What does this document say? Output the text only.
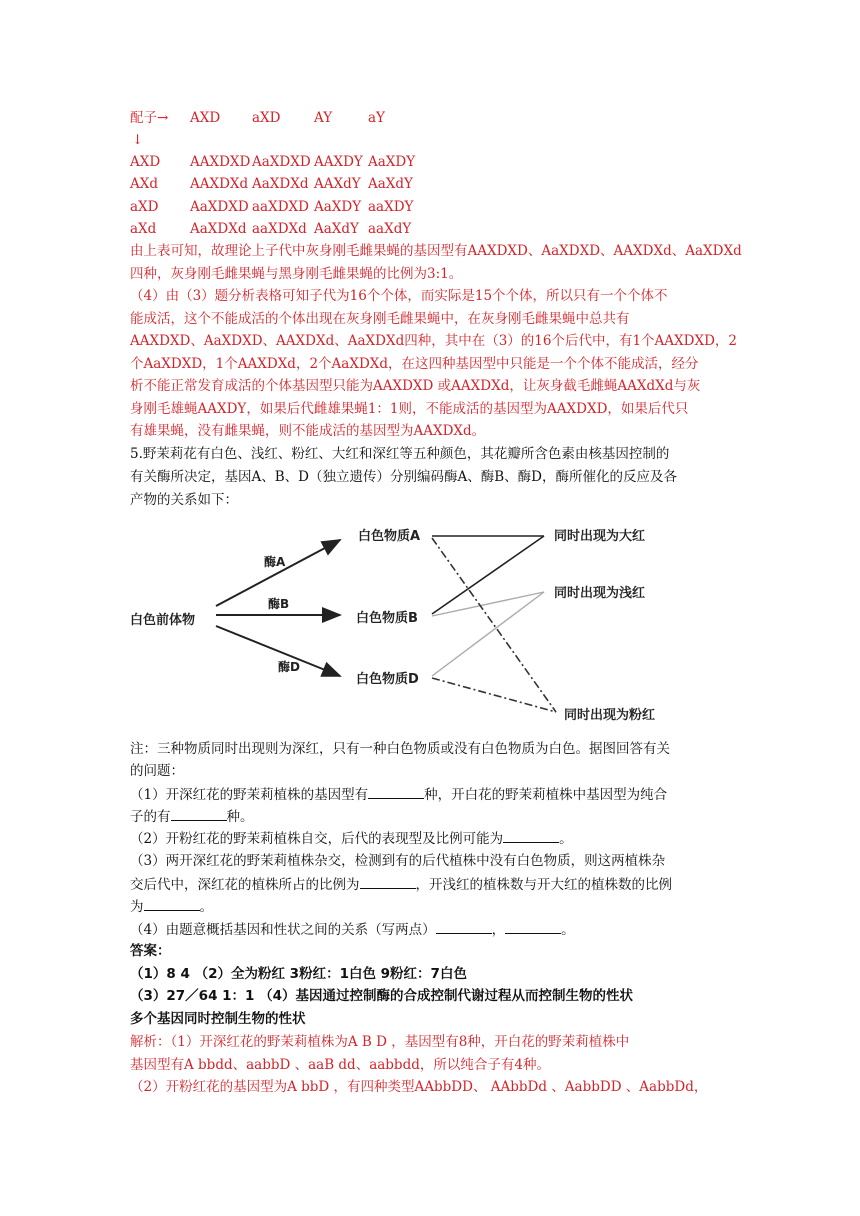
配子→ AXD aXD AY	aY
↓
AXD AAXDXD AaXDXD AAXDY AaXDY
AXd AAXDXd AaXDXd AAXdY AaXdY
aXD AaXDXD aaXDXD AaXDY aaXDY
aXd AaXDXd aaXDXd AaXdY aaXdY
由上表可知，故理论上子代中灰身刚毛雌果蝇的基因型有AAXDXD、AaXDXD、AAXDXd、AaXDXd
四种，灰身刚毛雌果蝇与黑身刚毛雌果蝇的比例为3:1。
（4）由（3）题分析表格可知子代为16个个体，而实际是15个个体，所以只有一个个体不
能成活，这个不能成活的个体出现在灰身刚毛雌果蝇中，在灰身刚毛雌果蝇中总共有
AAXDXD、AaXDXD、AAXDXd、AaXDXd四种，其中在（3）的16个后代中，有1个AAXDXD，2
个AaXDXD，1个AAXDXd，2个AaXDXd，在这四种基因型中只能是一个个体不能成活，经分
析不能正常发育成活的个体基因型只能为AAXDXD 或AAXDXd，让灰身截毛雌蝇AAXdXd与灰
身刚毛雄蝇AAXDY，如果后代雌雄果蝇1：1则，不能成活的基因型为AAXDXD，如果后代只
有雄果蝇，没有雌果蝇，则不能成活的基因型为AAXDXd。
5.野茉莉花有白色、浅红、粉红、大红和深红等五种颜色，其花瓣所含色素由核基因控制的
有关酶所决定，基因A、B、D（独立遗传）分别编码酶A、酶B、酶D，酶所催化的反应及各
产物的关系如下：
白色前体物
酶A
酶B
酶D
白色物质A
白色物质B
白色物质D
同时出现为大红
同时出现为浅红
同时出现为粉红
注：三种物质同时出现则为深红，只有一种白色物质或没有白色物质为白色。据图回答有关
的问题：
（1）开深红花的野茉莉植株的基因型有	种，开白花的野茉莉植株中基因型为纯合
子的有	种。
（2）开粉红花的野茉莉植株自交，后代的表现型及比例可能为	。
（3）两开深红花的野茉莉植株杂交，检测到有的后代植株中没有白色物质，则这两植株杂
交后代中，深红花的植株所占的比例为	，开浅红的植株数与开大红的植株数的比例
为	。
（4）由题意概括基因和性状之间的关系（写两点）	，	。
答案：
（1）8 4 （2）全为粉红 3粉红：1白色 9粉红：7白色
（3）27／64 1：1 （4）基因通过控制酶的合成控制代谢过程从而控制生物的性状
多个基因同时控制生物的性状
解析：（1）开深红花的野茉莉植株为A B D ，基因型有8种，开白花的野茉莉植株中
基因型有A bbdd、aabbD 、aaB dd、aabbdd，所以纯合子有4种。
（2）开粉红花的基因型为A bbD ，有四种类型AAbbDD、 AAbbDd 、AabbDD 、AabbDd，
